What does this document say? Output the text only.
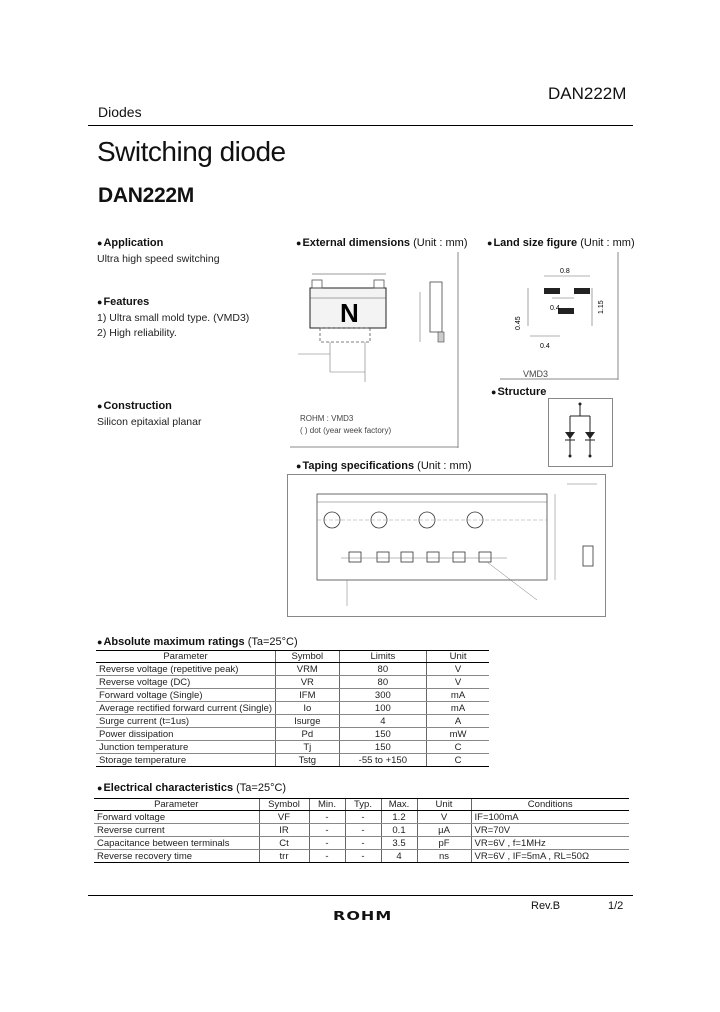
DAN222M
Diodes
Switching diode
DAN222M
●Application
Ultra high speed switching
●Features
1) Ultra small mold type. (VMD3)
2) High reliability.
●Construction
Silicon epitaxial planar
●External dimensions (Unit : mm)
N
ROHM : VMD3
( ) dot (year week factory)
●Land size figure (Unit : mm)
0.8
0.4
0.45
1.15
0.4
VMD3
●Structure
●Taping specifications (Unit : mm)
●Absolute maximum ratings (Ta=25°C)
Parameter	Symbol	Limits	Unit
Reverse voltage (repetitive peak)	VRM	80	V
Reverse voltage (DC)	VR	80	V
Forward voltage (Single)	IFM	300	mA
Average rectified forward current (Single)	Io	100	mA
Surge current (t=1us)	Isurge	4	A
Power dissipation	Pd	150	mW
Junction temperature	Tj	150	C
Storage temperature	Tstg	-55 to +150	C
●Electrical characteristics (Ta=25°C)
Parameter	Symbol	Min.	Typ.	Max.	Unit	Conditions
Forward voltage	VF	-	-	1.2	V	IF=100mA
Reverse current	IR	-	-	0.1	µA	VR=70V
Capacitance between terminals	Ct	-	-	3.5	pF	VR=6V , f=1MHz
Reverse recovery time	trr	-	-	4	ns	VR=6V , IF=5mA , RL=50Ω
ROHM
Rev.B	1/2
